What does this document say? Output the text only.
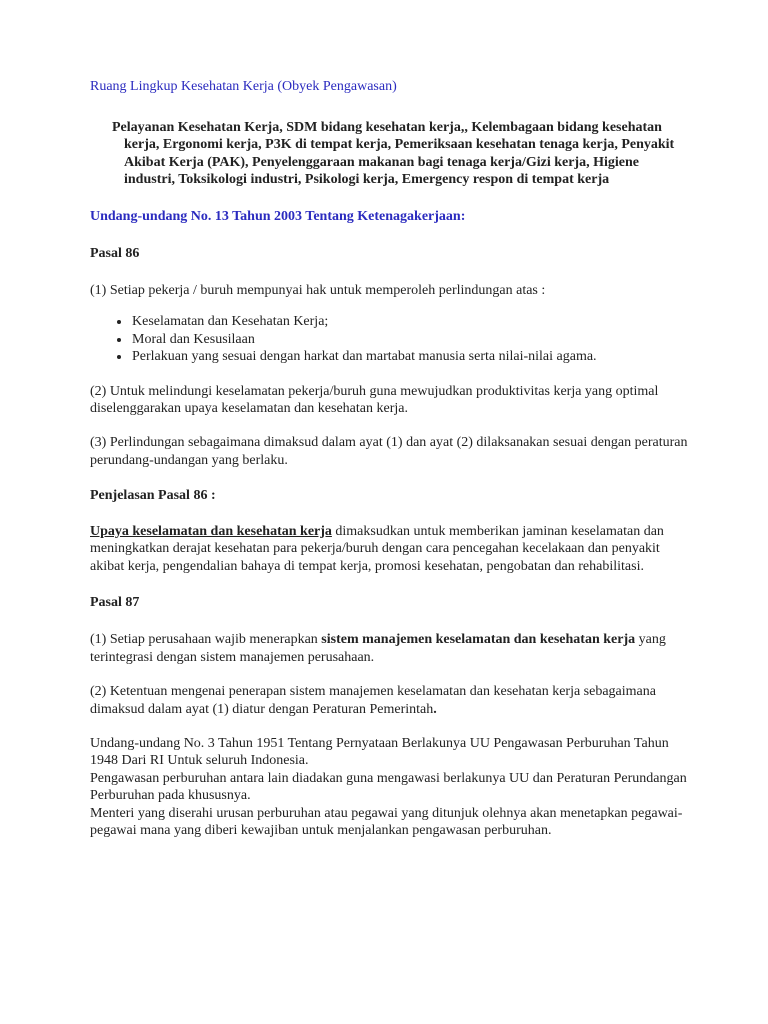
Ruang Lingkup Kesehatan Kerja (Obyek Pengawasan)

Pelayanan Kesehatan Kerja, SDM bidang kesehatan kerja,, Kelembagaan bidang kesehatan kerja, Ergonomi kerja, P3K di tempat kerja, Pemeriksaan kesehatan tenaga kerja, Penyakit Akibat Kerja (PAK), Penyelenggaraan makanan bagi tenaga kerja/Gizi kerja, Higiene industri, Toksikologi industri, Psikologi kerja, Emergency respon di tempat kerja

Undang-undang No. 13 Tahun 2003 Tentang Ketenagakerjaan:

Pasal 86

(1) Setiap pekerja / buruh mempunyai hak untuk memperoleh perlindungan atas :

• Keselamatan dan Kesehatan Kerja;
• Moral dan Kesusilaan
• Perlakuan yang sesuai dengan harkat dan martabat manusia serta nilai-nilai agama.

(2) Untuk melindungi keselamatan pekerja/buruh guna mewujudkan produktivitas kerja yang optimal diselenggarakan upaya keselamatan dan kesehatan kerja.

(3) Perlindungan sebagaimana dimaksud dalam ayat (1) dan ayat (2) dilaksanakan sesuai dengan peraturan perundang-undangan yang berlaku.

Penjelasan Pasal 86 :

Upaya keselamatan dan kesehatan kerja dimaksudkan untuk memberikan jaminan keselamatan dan meningkatkan derajat kesehatan para pekerja/buruh dengan cara pencegahan kecelakaan dan penyakit akibat kerja, pengendalian bahaya di tempat kerja, promosi kesehatan, pengobatan dan rehabilitasi.

Pasal 87

(1) Setiap perusahaan wajib menerapkan sistem manajemen keselamatan dan kesehatan kerja yang terintegrasi dengan sistem manajemen perusahaan.

(2) Ketentuan mengenai penerapan sistem manajemen keselamatan dan kesehatan kerja sebagaimana dimaksud dalam ayat (1) diatur dengan Peraturan Pemerintah.

Undang-undang No. 3 Tahun 1951 Tentang Pernyataan Berlakunya UU Pengawasan Perburuhan Tahun 1948 Dari RI Untuk seluruh Indonesia.
Pengawasan perburuhan antara lain diadakan guna mengawasi berlakunya UU dan Peraturan Perundangan Perburuhan pada khususnya.
Menteri yang diserahi urusan perburuhan atau pegawai yang ditunjuk olehnya akan menetapkan pegawai-pegawai mana yang diberi kewajiban untuk menjalankan pengawasan perburuhan.
